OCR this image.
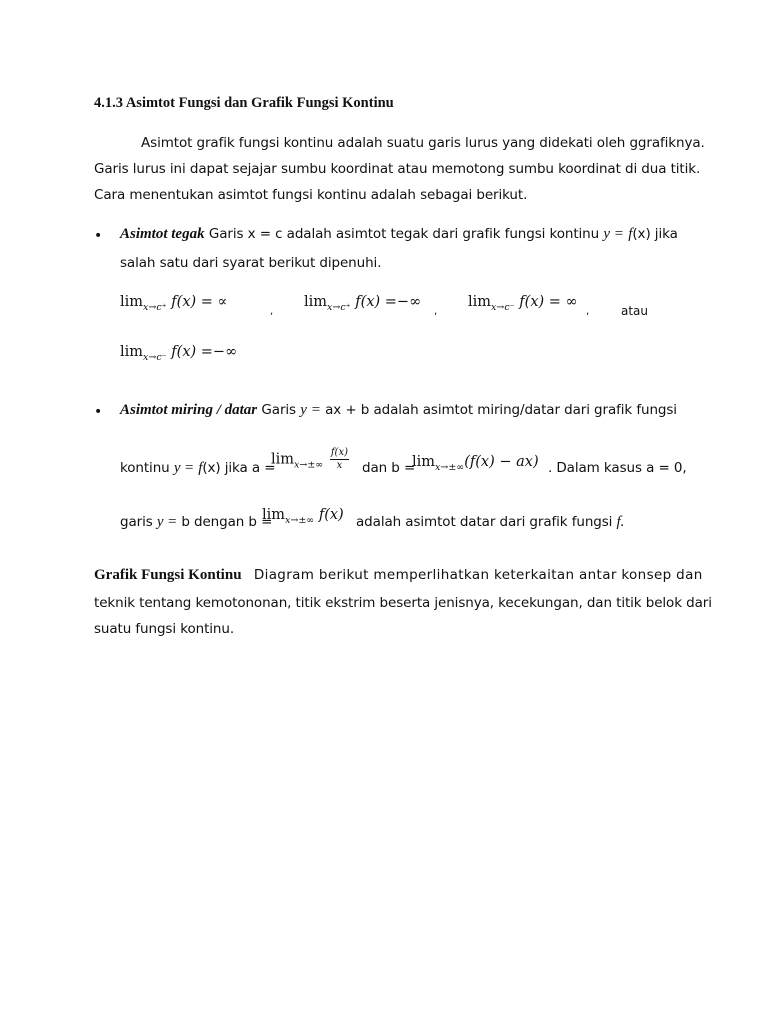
4.1.3 Asimtot Fungsi dan Grafik Fungsi Kontinu
Asimtot grafik fungsi kontinu adalah suatu garis lurus yang didekati oleh ggrafiknya.
Garis lurus ini dapat sejajar sumbu koordinat atau memotong sumbu koordinat di dua titik.
Cara menentukan asimtot fungsi kontinu adalah sebagai berikut.
• Asimtot tegak Garis x = c adalah asimtot tegak dari grafik fungsi kontinu y = f(x) jika
salah satu dari syarat berikut dipenuhi.
$\lim_{x\to c^+} f(x)$ = ∝
,
$\lim_{x\to c^+} f(x)$ =−∞
,
$\lim_{x\to c^-} f(x)$ = ∞
,	atau
$\lim_{x\to c^-} f(x)$ =−∞
• Asimtot miring / datar Garis y = ax + b adalah asimtot miring/datar dari grafik fungsi
kontinu y = f(x) jika a =
$\lim_{x\to\pm\infty} \frac{f(x)}{x}$ dan b =
$\lim_{x\to\pm\infty}(f(x) - ax)$ . Dalam kasus a = 0,
garis y = b dengan b =
$\lim_{x\to\pm\infty} f(x)$ adalah asimtot datar dari grafik fungsi f.
Grafik Fungsi Kontinu Diagram berikut memperlihatkan keterkaitan antar konsep dan
teknik tentang kemotononan, titik ekstrim beserta jenisnya, kecekungan, dan titik belok dari
suatu fungsi kontinu.
